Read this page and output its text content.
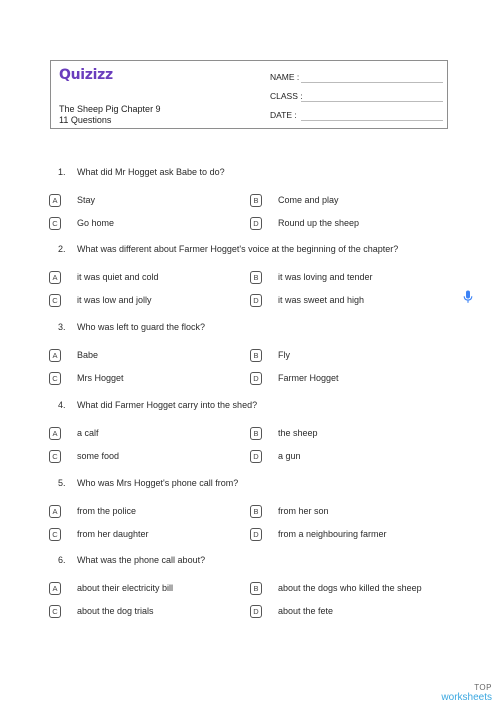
Quizizz
The Sheep Pig Chapter 9
11 Questions
NAME :
CLASS :
DATE :
1. What did Mr Hogget ask Babe to do?
A	Stay	B	Come and play
C	Go home	D	Round up the sheep
2. What was different about Farmer Hogget's voice at the beginning of the chapter?
A	it was quiet and cold	B	it was loving and tender
C	it was low and jolly	D	it was sweet and high
3. Who was left to guard the flock?
A	Babe	B	Fly
C	Mrs Hogget	D	Farmer Hogget
4. What did Farmer Hogget carry into the shed?
A	a calf	B	the sheep
C	some food	D	a gun
5. Who was Mrs Hogget's phone call from?
A	from the police	B	from her son
C	from her daughter	D	from a neighbouring farmer
6. What was the phone call about?
A	about their electricity bill	B	about the dogs who killed the sheep
C	about the dog trials	D	about the fete
TOP
worksheets
